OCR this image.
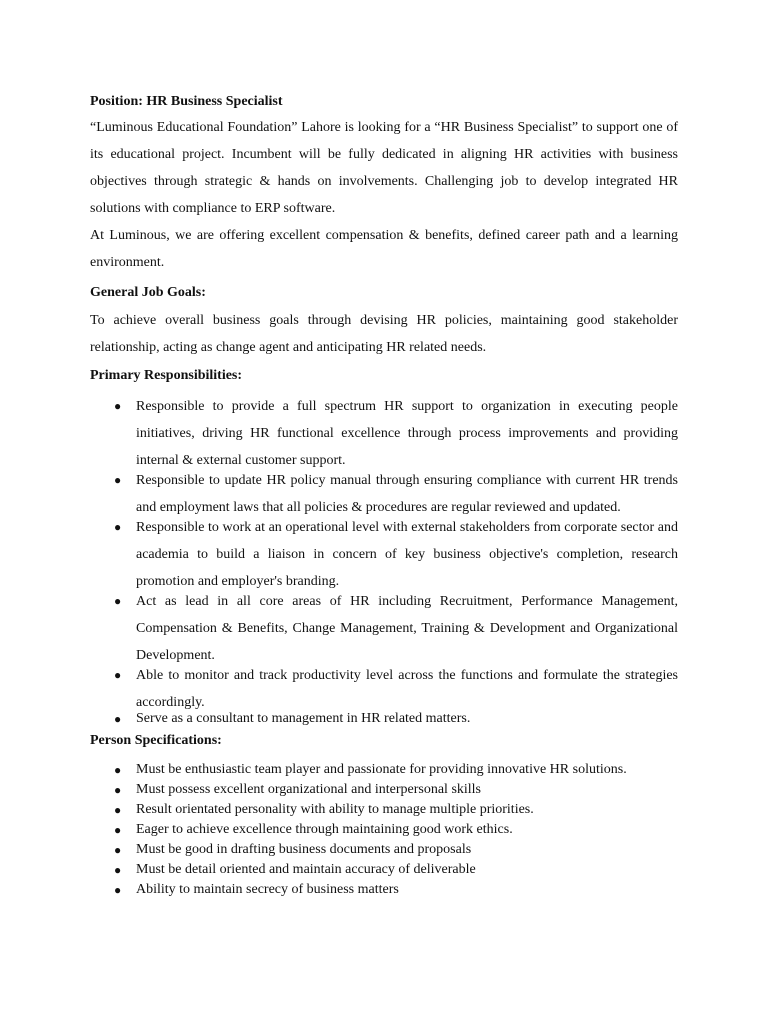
Position: HR Business Specialist

“Luminous Educational Foundation” Lahore is looking for a “HR Business Specialist” to support one of its educational project. Incumbent will be fully dedicated in aligning HR activities with business objectives through strategic & hands on involvements. Challenging job to develop integrated HR solutions with compliance to ERP software.

At Luminous, we are offering excellent compensation & benefits, defined career path and a learning environment.

General Job Goals:

To achieve overall business goals through devising HR policies, maintaining good stakeholder relationship, acting as change agent and anticipating HR related needs.

Primary Responsibilities:

● Responsible to provide a full spectrum HR support to organization in executing people initiatives, driving HR functional excellence through process improvements and providing internal & external customer support.
● Responsible to update HR policy manual through ensuring compliance with current HR trends and employment laws that all policies & procedures are regular reviewed and updated.
● Responsible to work at an operational level with external stakeholders from corporate sector and academia to build a liaison in concern of key business objective's completion, research promotion and employer's branding.
● Act as lead in all core areas of HR including Recruitment, Performance Management, Compensation & Benefits, Change Management, Training & Development and Organizational Development.
● Able to monitor and track productivity level across the functions and formulate the strategies accordingly.
● Serve as a consultant to management in HR related matters.

Person Specifications:

● Must be enthusiastic team player and passionate for providing innovative HR solutions.
● Must possess excellent organizational and interpersonal skills
● Result orientated personality with ability to manage multiple priorities.
● Eager to achieve excellence through maintaining good work ethics.
● Must be good in drafting business documents and proposals
● Must be detail oriented and maintain accuracy of deliverable
● Ability to maintain secrecy of business matters
